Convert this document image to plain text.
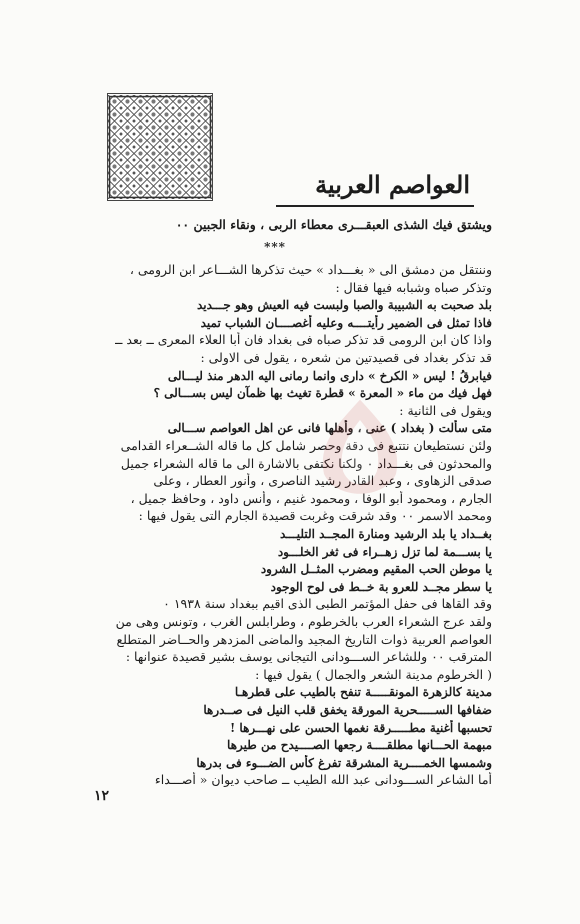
العواصم العربية
ويشتق فيك الشذى العبقـــرى معطاء الربى ، ونقاء الجبين ٠٠
***
وننتقل من دمشق الى « بغـــداد » حيث تذكرها الشـــاعر ابن الرومى ،
وتذكر صباه وشبابه فيها فقال :
بلد صحبت به الشبيبة والصبا ولبست فيه العيش وهو جـــديد
فاذا تمثل فى الضمير رأيتــــه وعليه أغصــــان الشباب تميد
واذا كان ابن الرومى قد تذكر صباه فى بغداد فان أبا العلاء المعرى ــ بعد ــ
قد تذكر بغداد فى قصيدتين من شعره ، يقول فى الاولى :
فيابرقُ ! ليس « الكرخ » دارى وانما رمانى اليه الدهر منذ ليـــالى
فهل فيك من ماء « المعرة » قطرة تغيث بها ظمآن ليس بســـالى ؟
ويقول فى الثانية :
متى سألت ( بغداد ) عنى ، وأهلها فانى عن اهل العواصم ســـالى
ولئن نستطيعان نتتبع فى دقة وحصر شامل كل ما قاله الشــعراء القدامى
والمحدثون فى بغـــداد ٠ ولكنا نكتفى بالاشارة الى ما قاله الشعراء جميل
صدقى الزهاوى ، وعبد القادر رشيد الناصرى ، وأنور العطار ، وعلى
الجارم ، ومحمود أبو الوفا ، ومحمود غنيم ، وأنس داود ، وحافظ جميل ،
ومحمد الاسمر ٠٠ وقد شرقت وغربت قصيدة الجارم التى يقول فيها :
بغــداد يا بلد الرشيد ومنارة المجــد التليـــد
يا بســـمة لما تزل زهــراء فى ثغر الخلـــود
يا موطن الحب المقيم ومضرب المثــل الشرود
يا سطر مجــد للعرو بة خــط فى لوح الوجود
وقد القاها فى حفل المؤتمر الطبى الذى اقيم ببغداد سنة ١٩٣٨ ٠
ولقد عرج الشعراء العرب بالخرطوم ، وطرابلس الغرب ، وتونس وهى من
العواصم العربية ذوات التاريخ المجيد والماضى المزدهر والحــاضر المتطلع
المترقب ٠٠ وللشاعر الســـودانى التيجانى يوسف بشير قصيدة عنوانها :
( الخرطوم مدينة الشعر والجمال ) يقول فيها :
مدينة كالزهرة المونقـــــة تنفح بالطيب على قطرهـا
ضفافها الســـــحرية المورقة يخفق قلب النيل فى صــدرها
تحسبها أغنية مطـــــرقة نغمها الحسن على نهـــرها !
مبهمة الحـــانها مطلقــــة رجعها الصــــيدح من طيرها
وشمسها الخمــــرية المشرقة تفرغ كأس الضـــوء فى بدرها
أما الشاعر الســـودانى عبد الله الطيب ــ صاحب ديوان « أصـــداء
١٢
